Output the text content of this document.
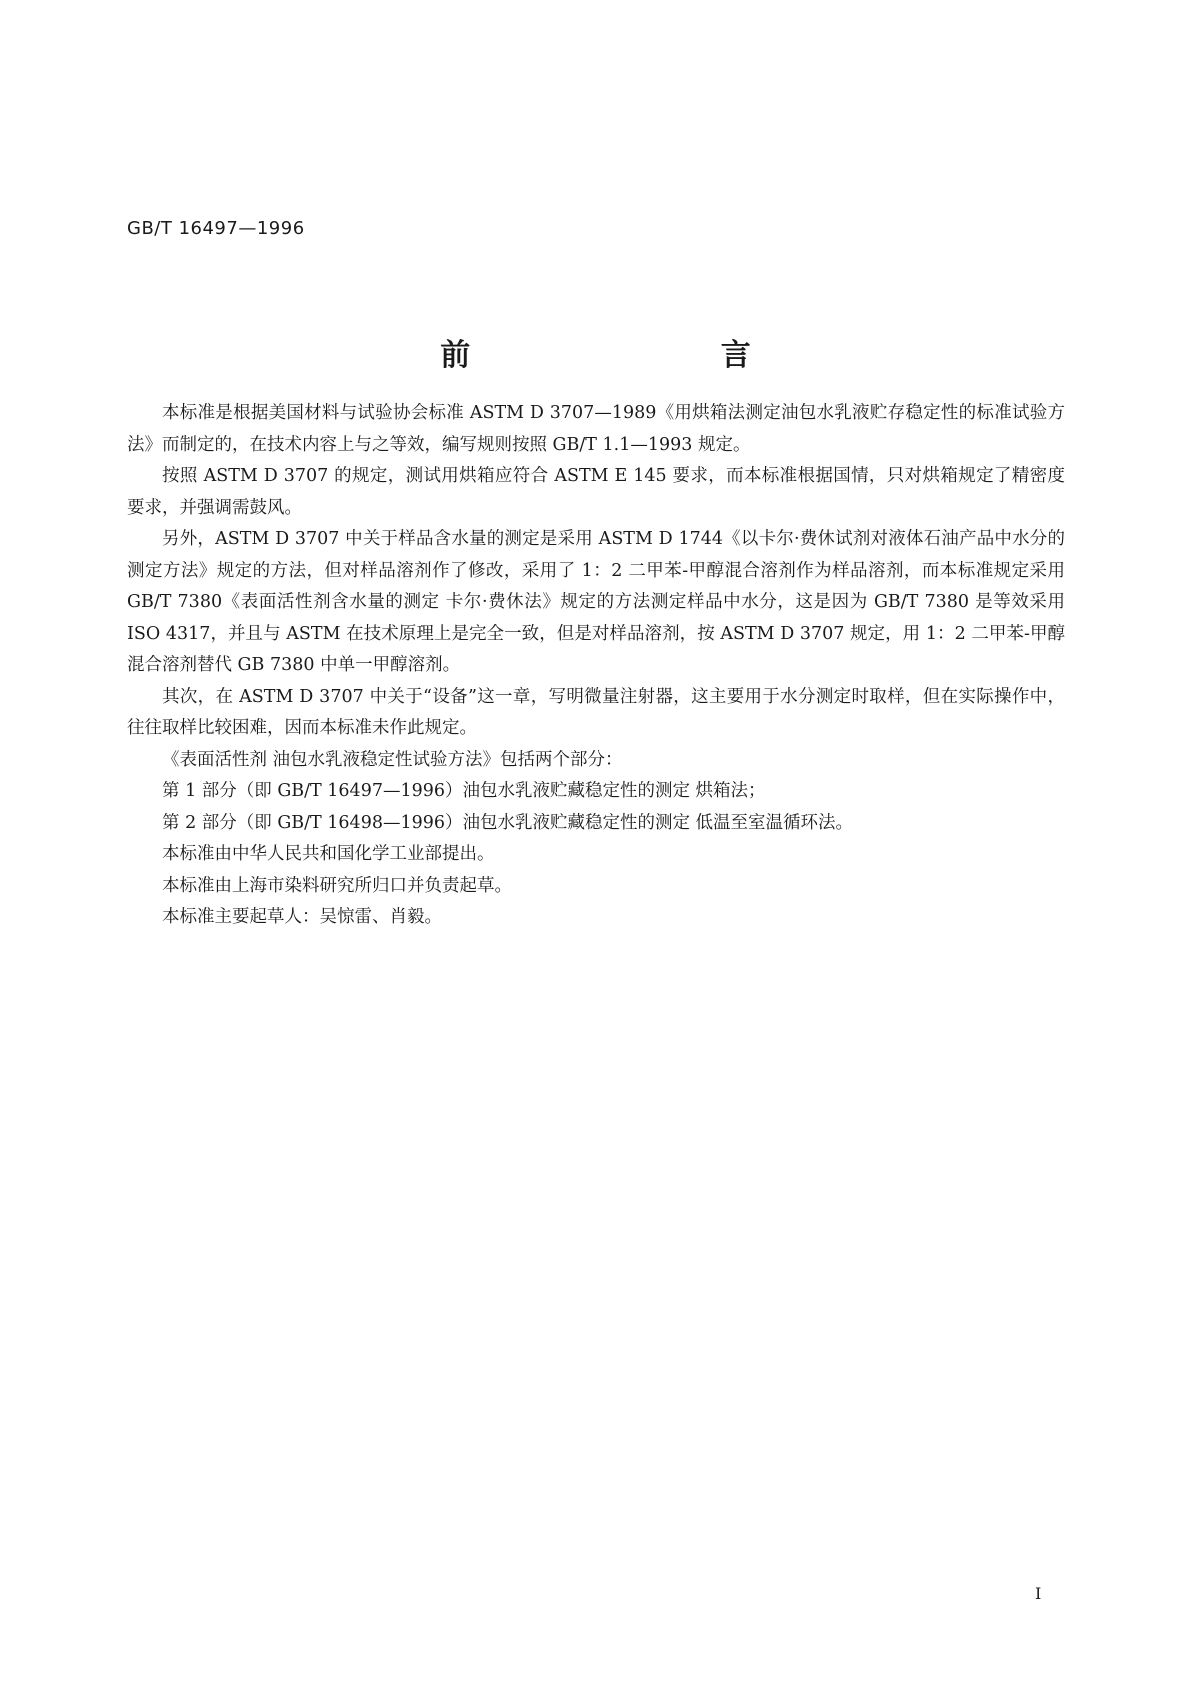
GB/T 16497—1996
前 言

本标准是根据美国材料与试验协会标准 ASTM D 3707—1989《用烘箱法测定油包水乳液贮存稳定性的标准试验方法》而制定的，在技术内容上与之等效，编写规则按照 GB/T 1.1—1993 规定。

按照 ASTM D 3707 的规定，测试用烘箱应符合 ASTM E 145 要求，而本标准根据国情，只对烘箱规定了精密度要求，并强调需鼓风。

另外，ASTM D 3707 中关于样品含水量的测定是采用 ASTM D 1744《以卡尔·费休试剂对液体石油产品中水分的测定方法》规定的方法，但对样品溶剂作了修改，采用了 1：2 二甲苯-甲醇混合溶剂作为样品溶剂，而本标准规定采用 GB/T 7380《表面活性剂含水量的测定 卡尔·费休法》规定的方法测定样品中水分，这是因为 GB/T 7380 是等效采用 ISO 4317，并且与 ASTM 在技术原理上是完全一致，但是对样品溶剂，按 ASTM D 3707 规定，用 1：2 二甲苯-甲醇混合溶剂替代 GB 7380 中单一甲醇溶剂。

其次，在 ASTM D 3707 中关于“设备”这一章，写明微量注射器，这主要用于水分测定时取样，但在实际操作中，往往取样比较困难，因而本标准未作此规定。

《表面活性剂 油包水乳液稳定性试验方法》包括两个部分：

第 1 部分（即 GB/T 16497—1996）油包水乳液贮藏稳定性的测定 烘箱法；

第 2 部分（即 GB/T 16498—1996）油包水乳液贮藏稳定性的测定 低温至室温循环法。

本标准由中华人民共和国化学工业部提出。

本标准由上海市染料研究所归口并负责起草。

本标准主要起草人：吴惊雷、肖毅。

I
